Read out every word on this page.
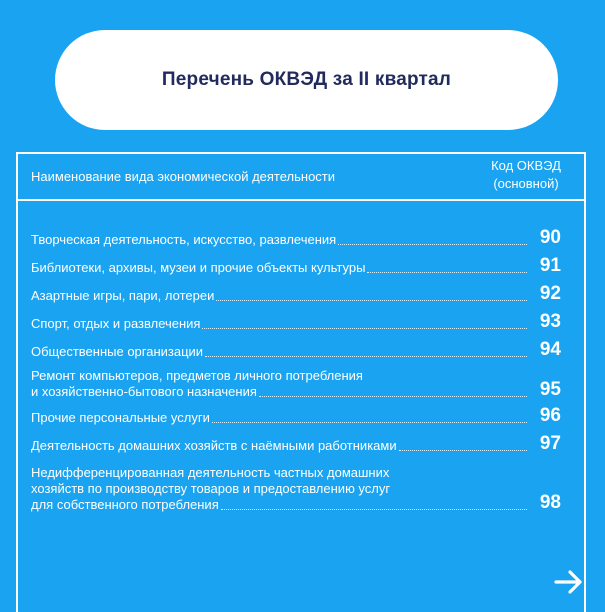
Перечень ОКВЭД за II квартал
Наименование вида экономической деятельности
Код ОКВЭД
(основной)
Творческая деятельность, искусство, развлечения	90
Библиотеки, архивы, музеи и прочие объекты культуры	91
Азартные игры, пари, лотереи	92
Спорт, отдых и развлечения	93
Общественные организации	94
Ремонт компьютеров, предметов личного потребления
и хозяйственно-бытового назначения	95
Прочие персональные услуги	96
Деятельность домашних хозяйств с наёмными работниками	97
Недифференцированная деятельность частных домашних
хозяйств по производству товаров и предоставлению услуг
для собственного потребления	98
